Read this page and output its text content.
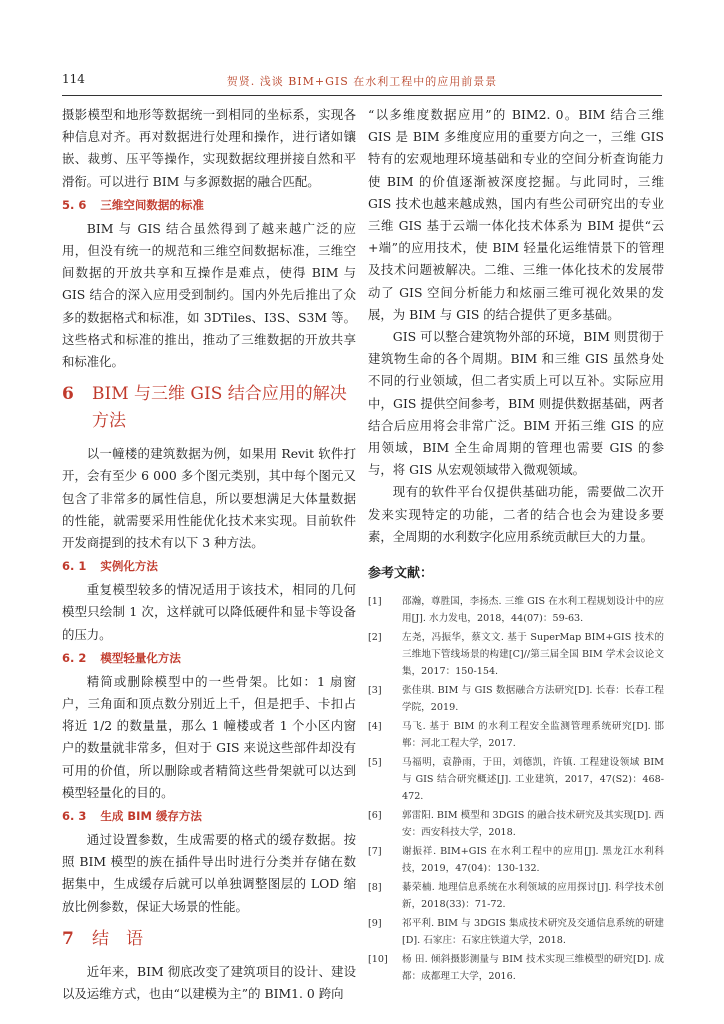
114	贺贤. 浅谈 BIM+GIS 在水利工程中的应用前景景

摄影模型和地形等数据统一到相同的坐标系，实现各种信息对齐。再对数据进行处理和操作，进行诸如镶嵌、裁剪、压平等操作，实现数据纹理拼接自然和平滑衔。可以进行 BIM 与多源数据的融合匹配。

5. 6 三维空间数据的标准

BIM 与 GIS 结合虽然得到了越来越广泛的应用，但没有统一的规范和三维空间数据标准，三维空间数据的开放共享和互操作是难点，使得 BIM 与 GIS 结合的深入应用受到制约。国内外先后推出了众多的数据格式和标准，如 3DTiles、I3S、S3M 等。这些格式和标准的推出，推动了三维数据的开放共享和标准化。

6 BIM 与三维 GIS 结合应用的解决
方法

以一幢楼的建筑数据为例，如果用 Revit 软件打开，会有至少 6 000 多个图元类别，其中每个图元又包含了非常多的属性信息，所以要想满足大体量数据的性能，就需要采用性能优化技术来实现。目前软件开发商提到的技术有以下 3 种方法。

6. 1 实例化方法

重复模型较多的情况适用于该技术，相同的几何模型只绘制 1 次，这样就可以降低硬件和显卡等设备的压力。

6. 2 模型轻量化方法

精简或删除模型中的一些骨架。比如：1 扇窗户，三角面和顶点数分别近上千，但是把手、卡扣占将近 1/2 的数量量，那么 1 幢楼或者 1 个小区内窗户的数量就非常多，但对于 GIS 来说这些部件却没有可用的价值，所以删除或者精简这些骨架就可以达到模型轻量化的目的。

6. 3 生成 BIM 缓存方法

通过设置参数，生成需要的格式的缓存数据。按照 BIM 模型的族在插件导出时进行分类并存储在数据集中，生成缓存后就可以单独调整图层的 LOD 缩放比例参数，保证大场景的性能。

7 结　语

近年来，BIM 彻底改变了建筑项目的设计、建设以及运维方式，也由“以建模为主”的 BIM1. 0 跨向

“以多维度数据应用”的 BIM2. 0。BIM 结合三维 GIS 是 BIM 多维度应用的重要方向之一，三维 GIS 特有的宏观地理环境基础和专业的空间分析查询能力使 BIM 的价值逐渐被深度挖掘。与此同时，三维 GIS 技术也越来越成熟，国内有些公司研究出的专业三维 GIS 基于云端一体化技术体系为 BIM 提供“云+端”的应用技术，使 BIM 轻量化运维情景下的管理及技术问题被解决。二维、三维一体化技术的发展带动了 GIS 空间分析能力和炫丽三维可视化效果的发展，为 BIM 与 GIS 的结合提供了更多基础。

GIS 可以整合建筑物外部的环境，BIM 则贯彻于建筑物生命的各个周期。BIM 和三维 GIS 虽然身处不同的行业领域，但二者实质上可以互补。实际应用中，GIS 提供空间参考，BIM 则提供数据基础，两者结合后应用将会非常广泛。BIM 开拓三维 GIS 的应用领域，BIM 全生命周期的管理也需要 GIS 的参与，将 GIS 从宏观领域带入微观领域。

现有的软件平台仅提供基础功能，需要做二次开发来实现特定的功能，二者的结合也会为建设多要素，全周期的水利数字化应用系统贡献巨大的力量。

参考文献：
[1]	邵瀚，尊胜国，李扬杰. 三维 GIS 在水利工程规划设计中的应用[J]. 水力发电，2018，44(07)：59-63.
[2]	左尧，冯振华，蔡文文. 基于 SuperMap BIM+GIS 技术的三维地下管线场景的构建[C]//第三届全国 BIM 学术会议论文集，2017：150-154.
[3]	张佳琪. BIM 与 GIS 数据融合方法研究[D]. 长春：长春工程学院，2019.
[4]	马飞. 基于 BIM 的水利工程安全监测管理系统研究[D]. 邯郸：河北工程大学，2017.
[5]	马福明，袁静雨，于田，刘德凯，许镇. 工程建设领域 BIM 与 GIS 结合研究概述[J]. 工业建筑，2017，47(S2)：468-472.
[6]	郭雷阳. BIM 模型和 3DGIS 的融合技术研究及其实现[D]. 西安：西安科技大学，2018.
[7]	谢振祥. BIM+GIS 在水利工程中的应用[J]. 黑龙江水利科技，2019，47(04)：130-132.
[8]	綦荣楠. 地理信息系统在水利领域的应用探讨[J]. 科学技术创新，2018(33)：71-72.
[9]	祁平利. BIM 与 3DGIS 集成技术研究及交通信息系统的研建[D]. 石家庄：石家庄铁道大学，2018.
[10]	杨 田. 倾斜摄影测量与 BIM 技术实现三维模型的研究[D]. 成都：成都理工大学，2016.
